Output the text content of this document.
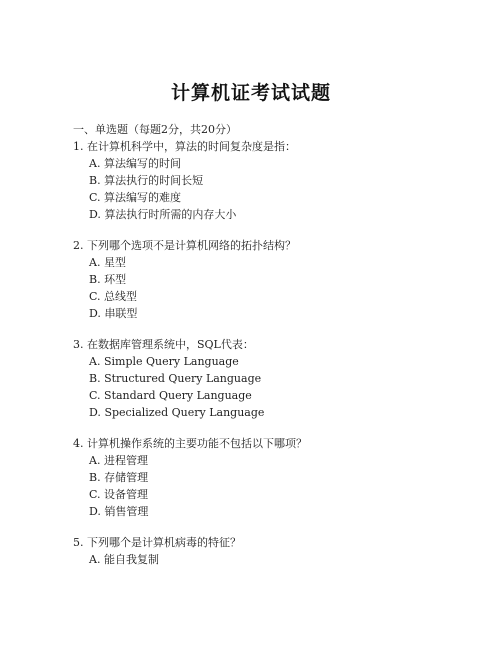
计算机证考试试题
一、单选题（每题2分，共20分）
1. 在计算机科学中，算法的时间复杂度是指：
A. 算法编写的时间
B. 算法执行的时间长短
C. 算法编写的难度
D. 算法执行时所需的内存大小
2. 下列哪个选项不是计算机网络的拓扑结构？
A. 星型
B. 环型
C. 总线型
D. 串联型
3. 在数据库管理系统中，SQL代表：
A. Simple Query Language
B. Structured Query Language
C. Standard Query Language
D. Specialized Query Language
4. 计算机操作系统的主要功能不包括以下哪项？
A. 进程管理
B. 存储管理
C. 设备管理
D. 销售管理
5. 下列哪个是计算机病毒的特征？
A. 能自我复制
